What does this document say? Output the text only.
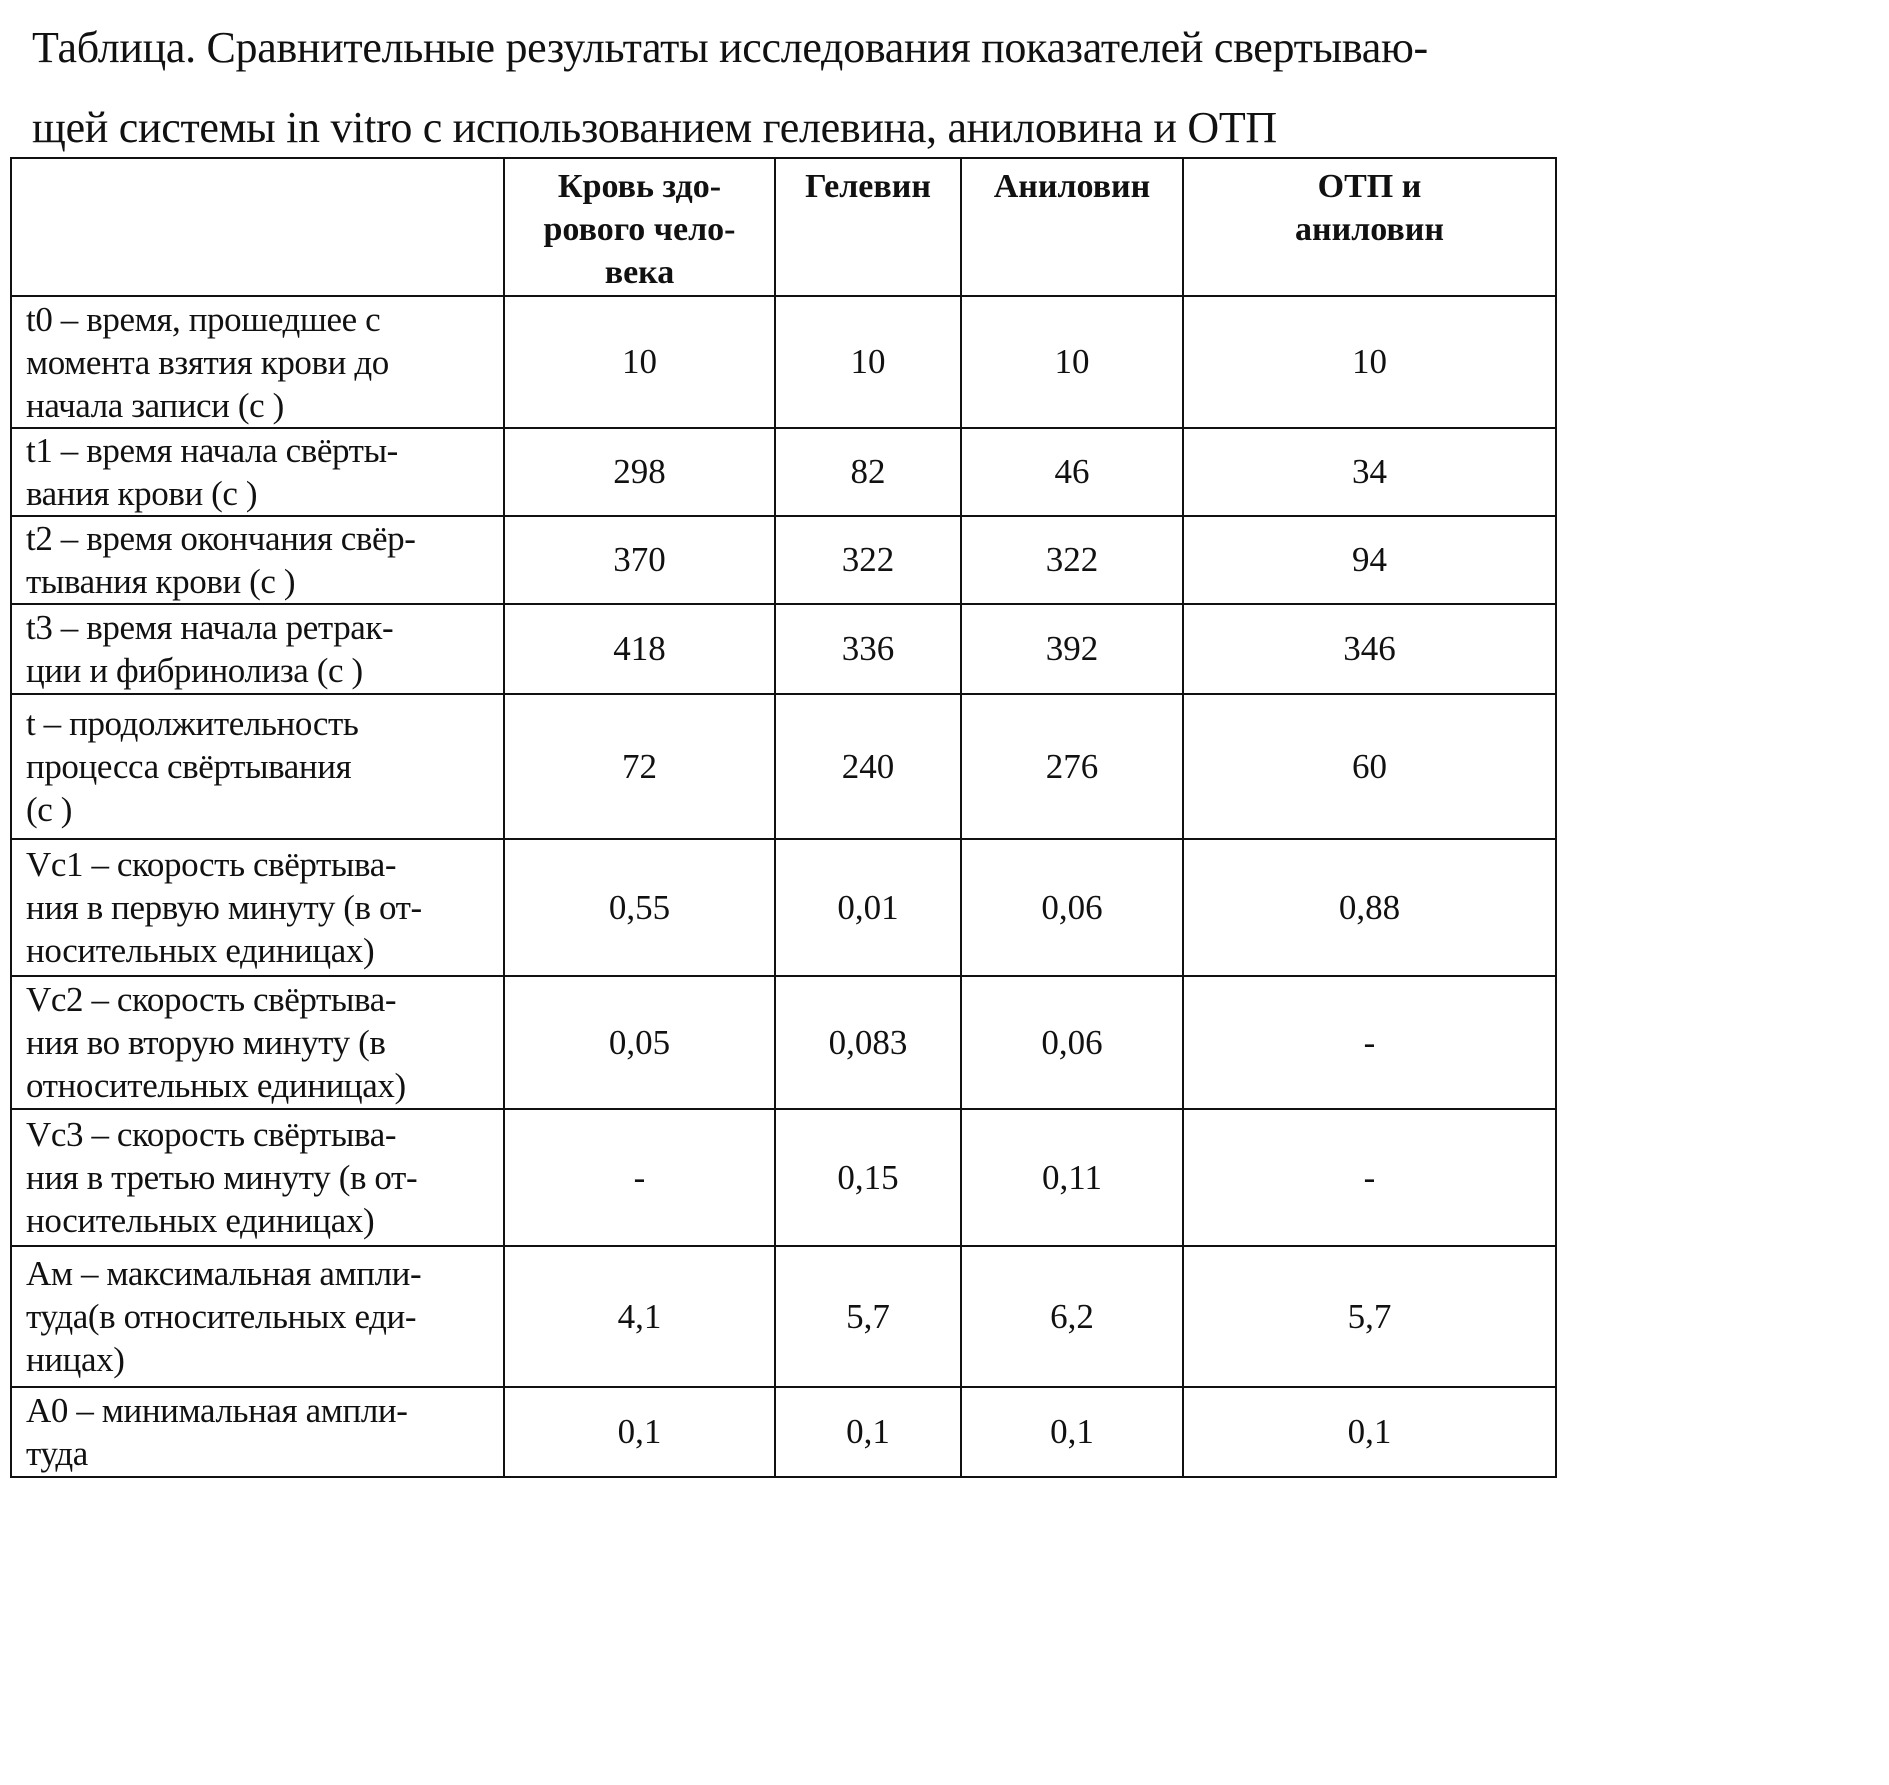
Таблица. Сравнительные результаты исследования показателей свертываю-
щей системы in vitro с использованием гелевина, аниловина и ОТП

	Кровь здо-
рового чело-
века	Гелевин	Аниловин	ОТП и
аниловин

t0 – время, прошедшее с
момента взятия крови до
начала записи (с )	10	10	10	10

t1 – время начала свёрты-
вания крови (с )	298	82	46	34

t2 – время окончания свёр-
тывания крови (с )	370	322	322	94

t3 – время начала ретрак-
ции и фибринолиза (с )	418	336	392	346

t – продолжительность
процесса свёртывания
(с )	72	240	276	60

Vc1 – скорость свёртыва-
ния в первую минуту (в от-
носительных единицах)	0,55	0,01	0,06	0,88

Vc2 – скорость свёртыва-
ния во вторую минуту (в
относительных единицах)	0,05	0,083	0,06	-

Vc3 – скорость свёртыва-
ния в третью минуту (в от-
носительных единицах)	-	0,15	0,11	-

Ам – максимальная ампли-
туда(в относительных еди-
ницах)	4,1	5,7	6,2	5,7

А0 – минимальная ампли-
туда	0,1	0,1	0,1	0,1
